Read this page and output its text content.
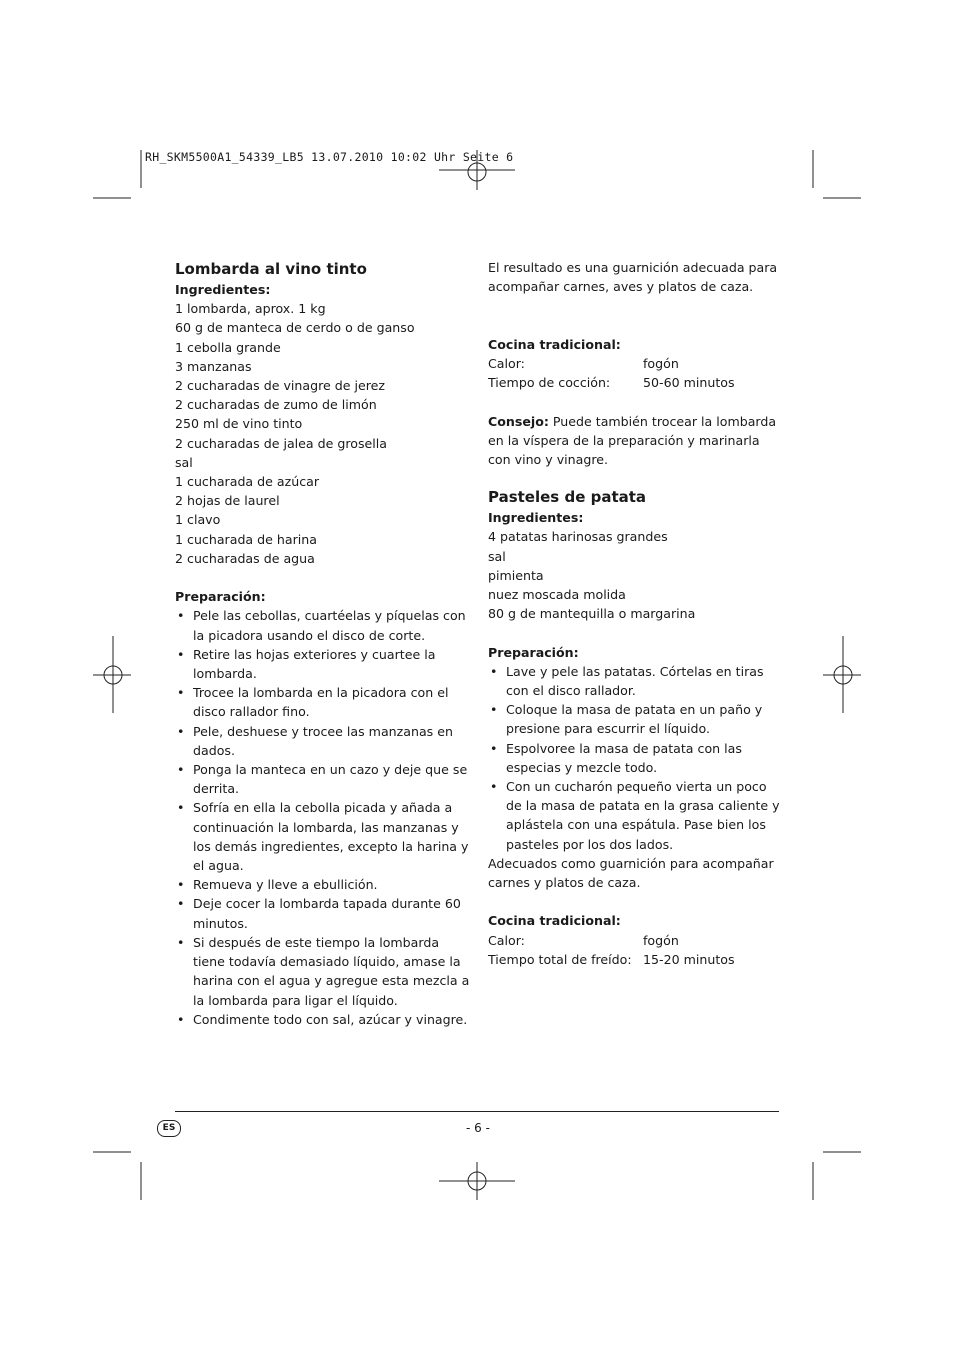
RH_SKM5500A1_54339_LB5 13.07.2010 10:02 Uhr Seite 6
Lombarda al vino tinto
Ingredientes:
1 lombarda, aprox. 1 kg
60 g de manteca de cerdo o de ganso
1 cebolla grande
3 manzanas
2 cucharadas de vinagre de jerez
2 cucharadas de zumo de limón
250 ml de vino tinto
2 cucharadas de jalea de grosella
sal
1 cucharada de azúcar
2 hojas de laurel
1 clavo
1 cucharada de harina
2 cucharadas de agua
Preparación:
• Pele las cebollas, cuartéelas y píquelas con la picadora usando el disco de corte.
• Retire las hojas exteriores y cuartee la lombarda.
• Trocee la lombarda en la picadora con el disco rallador fino.
• Pele, deshuese y trocee las manzanas en dados.
• Ponga la manteca en un cazo y deje que se derrita.
• Sofría en ella la cebolla picada y añada a continuación la lombarda, las manzanas y los demás ingredientes, excepto la harina y el agua.
• Remueva y lleve a ebullición.
• Deje cocer la lombarda tapada durante 60 minutos.
• Si después de este tiempo la lombarda tiene todavía demasiado líquido, amase la harina con el agua y agregue esta mezcla a la lombarda para ligar el líquido.
• Condimente todo con sal, azúcar y vinagre.
El resultado es una guarnición adecuada para acompañar carnes, aves y platos de caza.
Cocina tradicional:
Calor:	fogón
Tiempo de cocción:	50-60 minutos
Consejo: Puede también trocear la lombarda en la víspera de la preparación y marinarla con vino y vinagre.
Pasteles de patata
Ingredientes:
4 patatas harinosas grandes
sal
pimienta
nuez moscada molida
80 g de mantequilla o margarina
Preparación:
• Lave y pele las patatas. Córtelas en tiras con el disco rallador.
• Coloque la masa de patata en un paño y presione para escurrir el líquido.
• Espolvoree la masa de patata con las especias y mezcle todo.
• Con un cucharón pequeño vierta un poco de la masa de patata en la grasa caliente y aplástela con una espátula. Pase bien los pasteles por los dos lados.
Adecuados como guarnición para acompañar carnes y platos de caza.
Cocina tradicional:
Calor:	fogón
Tiempo total de freído: 15-20 minutos
ES	- 6 -
